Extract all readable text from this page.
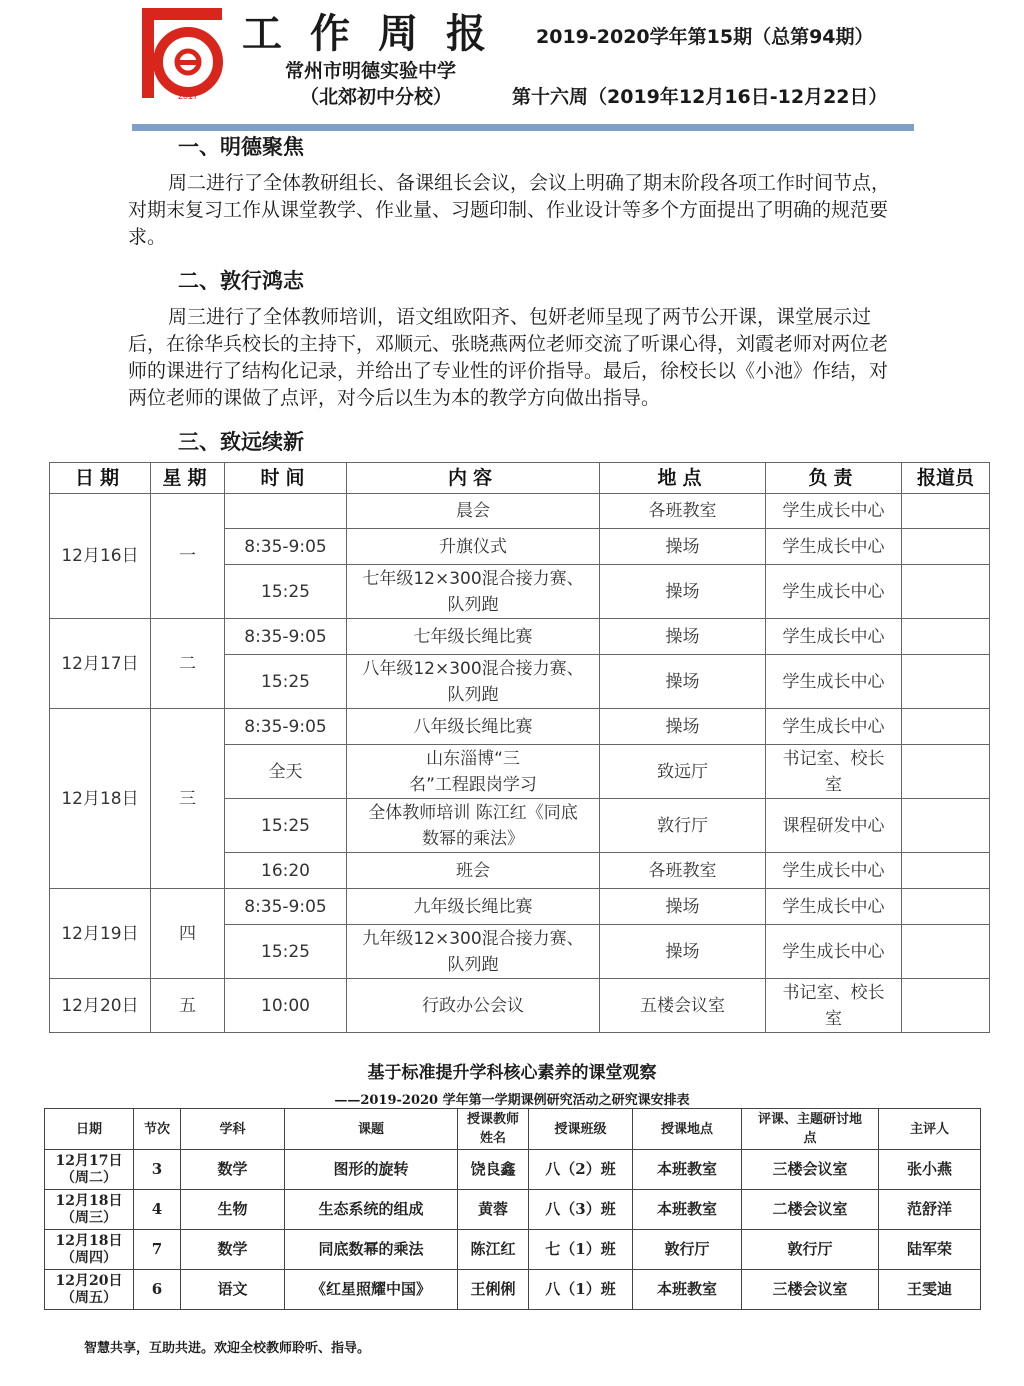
2017
工作周报 2019-2020学年第15期（总第94期）
常州市明德实验中学
（北郊初中分校）	第十六周（2019年12月16日-12月22日）
一、明德聚焦
周二进行了全体教研组长、备课组长会议，会议上明确了期末阶段各项工作时间节点，对期末复习工作从课堂教学、作业量、习题印制、作业设计等多个方面提出了明确的规范要求。
二、敦行鸿志
周三进行了全体教师培训，语文组欧阳齐、包妍老师呈现了两节公开课，课堂展示过后，在徐华兵校长的主持下，邓顺元、张晓燕两位老师交流了听课心得，刘霞老师对两位老师的课进行了结构化记录，并给出了专业性的评价指导。最后，徐校长以《小池》作结，对两位老师的课做了点评，对今后以生为本的教学方向做出指导。
三、致远续新
日期	星期	时间	内容	地点	负责	报道员
12月16日	一		晨会	各班教室	学生成长中心	
		8:35-9:05	升旗仪式	操场	学生成长中心	
		15:25	七年级12×300混合接力赛、队列跑	操场	学生成长中心	
12月17日	二	8:35-9:05	七年级长绳比赛	操场	学生成长中心	
		15:25	八年级12×300混合接力赛、队列跑	操场	学生成长中心	
12月18日	三	8:35-9:05	八年级长绳比赛	操场	学生成长中心	
		全天	山东淄博“三名”工程跟岗学习	致远厅	书记室、校长室	
		15:25	全体教师培训 陈江红《同底数幂的乘法》	敦行厅	课程研发中心	
		16:20	班会	各班教室	学生成长中心	
12月19日	四	8:35-9:05	九年级长绳比赛	操场	学生成长中心	
		15:25	九年级12×300混合接力赛、队列跑	操场	学生成长中心	
12月20日	五	10:00	行政办公会议	五楼会议室	书记室、校长室	
基于标准提升学科核心素养的课堂观察
——2019-2020 学年第一学期课例研究活动之研究课安排表
日期	节次	学科	课题	授课教师姓名	授课班级	授课地点	评课、主题研讨地点	主评人
12月17日（周二）	3	数学	图形的旋转	饶良鑫	八（2）班	本班教室	三楼会议室	张小燕
12月18日（周三）	4	生物	生态系统的组成	黄蓉	八（3）班	本班教室	二楼会议室	范舒洋
12月18日（周四）	7	数学	同底数幂的乘法	陈江红	七（1）班	敦行厅	敦行厅	陆军荣
12月20日（周五）	6	语文	《红星照耀中国》	王俐俐	八（1）班	本班教室	三楼会议室	王雯迪
智慧共享，互助共进。欢迎全校教师聆听、指导。
